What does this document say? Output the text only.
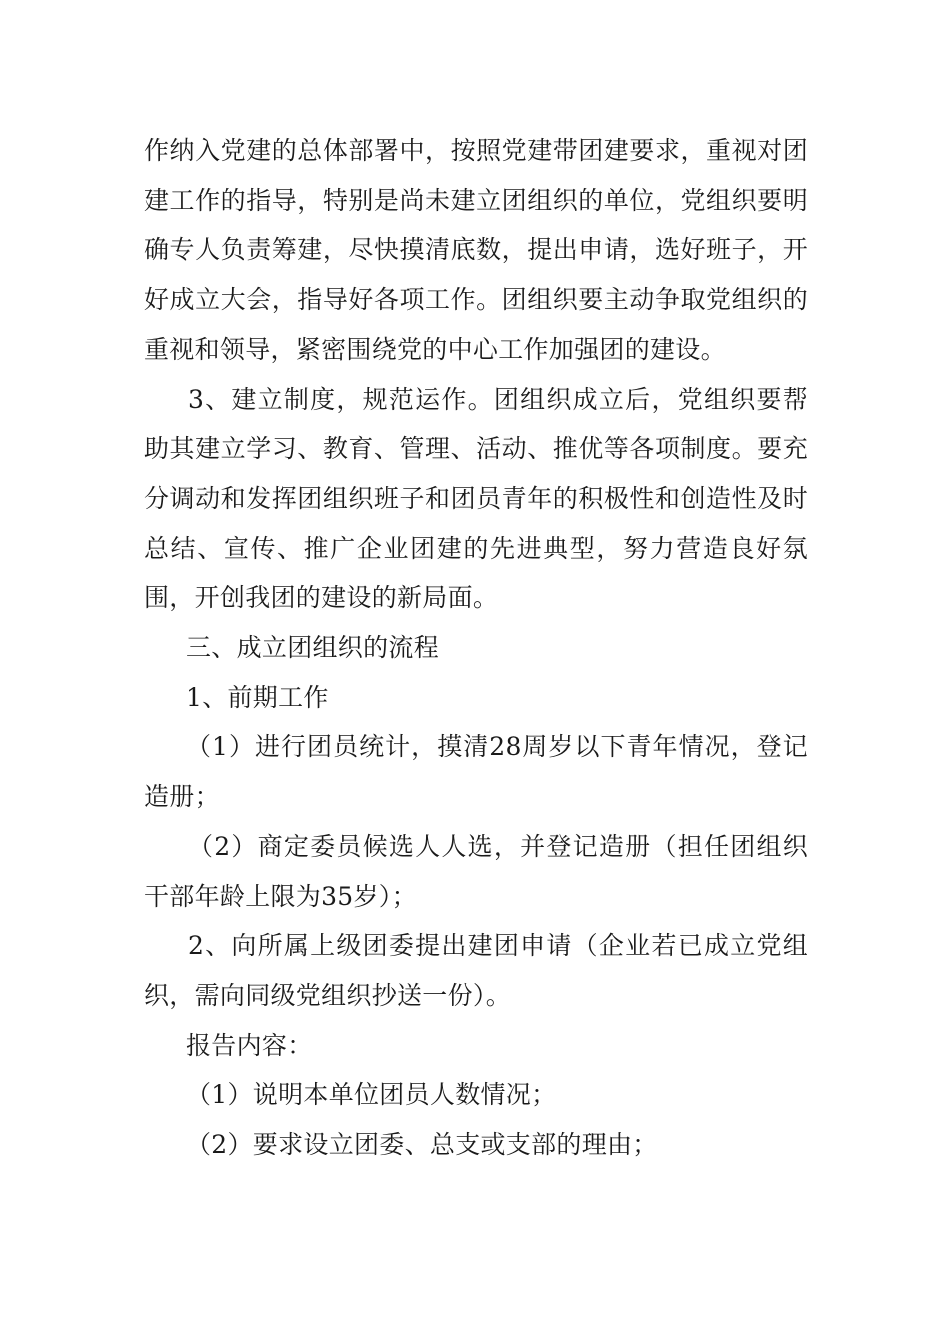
作纳入党建的总体部署中，按照党建带团建要求，重视对团建工作的指导，特别是尚未建立团组织的单位，党组织要明确专人负责筹建，尽快摸清底数，提出申请，选好班子，开好成立大会，指导好各项工作。团组织要主动争取党组织的重视和领导，紧密围绕党的中心工作加强团的建设。

3、建立制度，规范运作。团组织成立后，党组织要帮助其建立学习、教育、管理、活动、推优等各项制度。要充分调动和发挥团组织班子和团员青年的积极性和创造性及时总结、宣传、推广企业团建的先进典型，努力营造良好氛围，开创我团的建设的新局面。

三、成立团组织的流程

1、前期工作

（1）进行团员统计，摸清28周岁以下青年情况，登记造册；

（2）商定委员候选人人选，并登记造册（担任团组织干部年龄上限为35岁）；

2、向所属上级团委提出建团申请（企业若已成立党组织，需向同级党组织抄送一份）。

报告内容：

（1）说明本单位团员人数情况；

（2）要求设立团委、总支或支部的理由；
